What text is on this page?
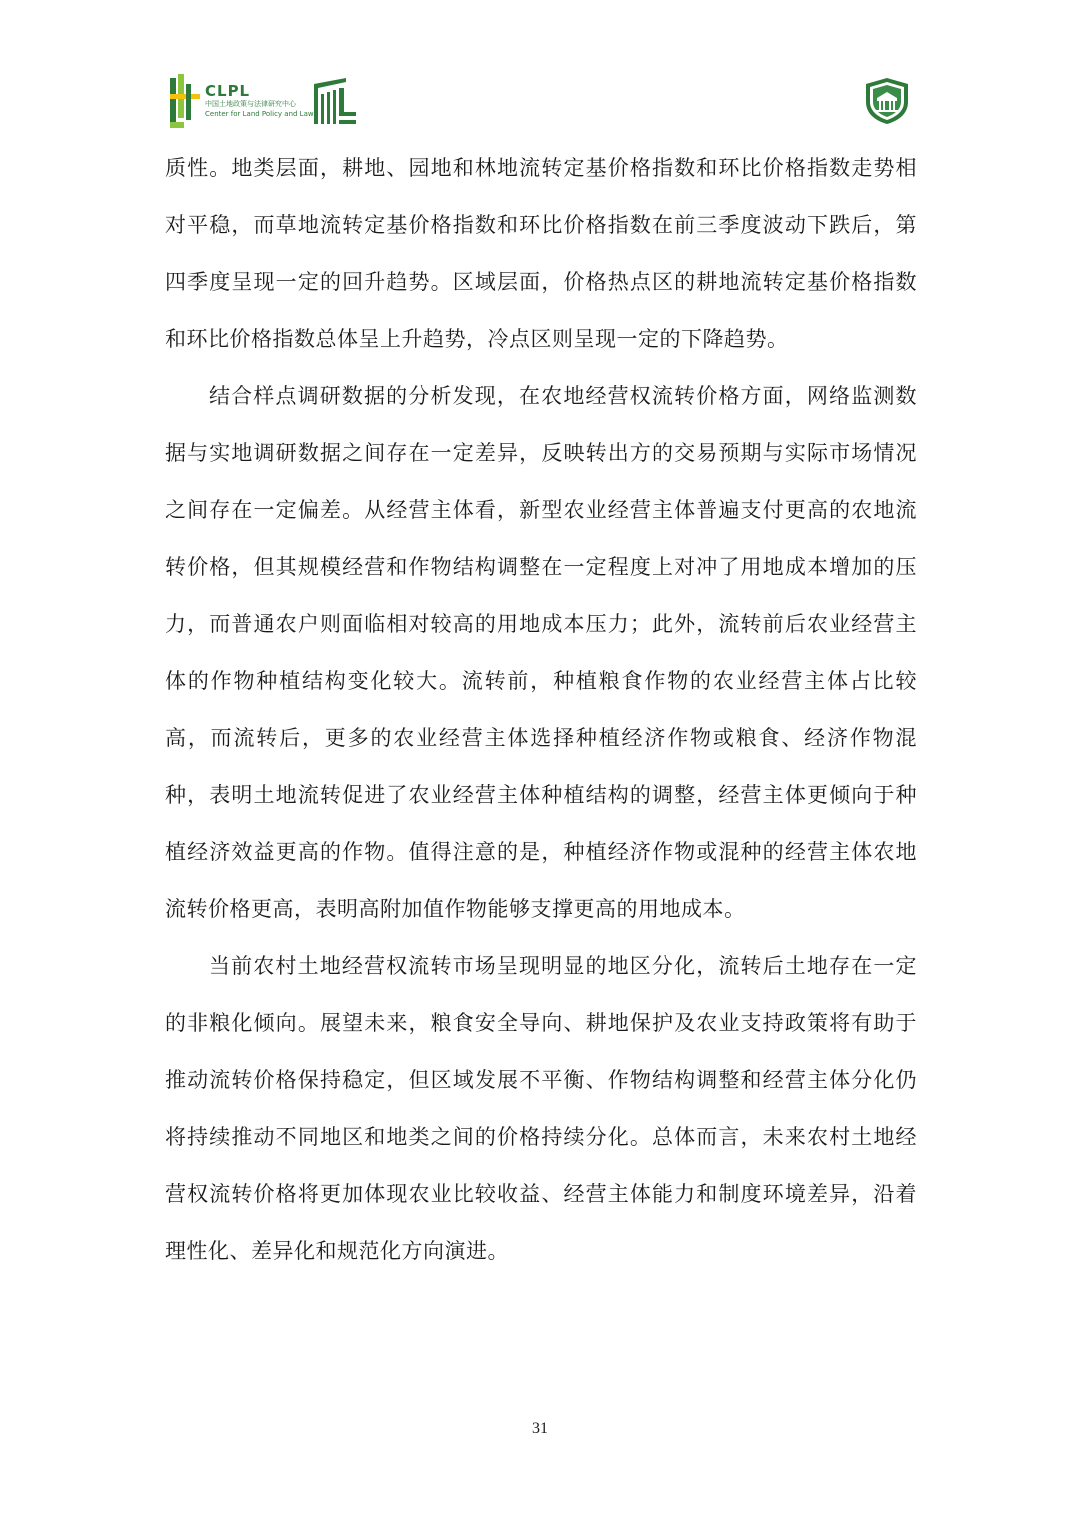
CLPL
中国土地政策与法律研究中心
Center for Land Policy and Law

质性。地类层面，耕地、园地和林地流转定基价格指数和环比价格指数走势相对平稳，而草地流转定基价格指数和环比价格指数在前三季度波动下跌后，第四季度呈现一定的回升趋势。区域层面，价格热点区的耕地流转定基价格指数和环比价格指数总体呈上升趋势，冷点区则呈现一定的下降趋势。

结合样点调研数据的分析发现，在农地经营权流转价格方面，网络监测数据与实地调研数据之间存在一定差异，反映转出方的交易预期与实际市场情况之间存在一定偏差。从经营主体看，新型农业经营主体普遍支付更高的农地流转价格，但其规模经营和作物结构调整在一定程度上对冲了用地成本增加的压力，而普通农户则面临相对较高的用地成本压力；此外，流转前后农业经营主体的作物种植结构变化较大。流转前，种植粮食作物的农业经营主体占比较高，而流转后，更多的农业经营主体选择种植经济作物或粮食、经济作物混种，表明土地流转促进了农业经营主体种植结构的调整，经营主体更倾向于种植经济效益更高的作物。值得注意的是，种植经济作物或混种的经营主体农地流转价格更高，表明高附加值作物能够支撑更高的用地成本。

当前农村土地经营权流转市场呈现明显的地区分化，流转后土地存在一定的非粮化倾向。展望未来，粮食安全导向、耕地保护及农业支持政策将有助于推动流转价格保持稳定，但区域发展不平衡、作物结构调整和经营主体分化仍将持续推动不同地区和地类之间的价格持续分化。总体而言，未来农村土地经营权流转价格将更加体现农业比较收益、经营主体能力和制度环境差异，沿着理性化、差异化和规范化方向演进。

31
